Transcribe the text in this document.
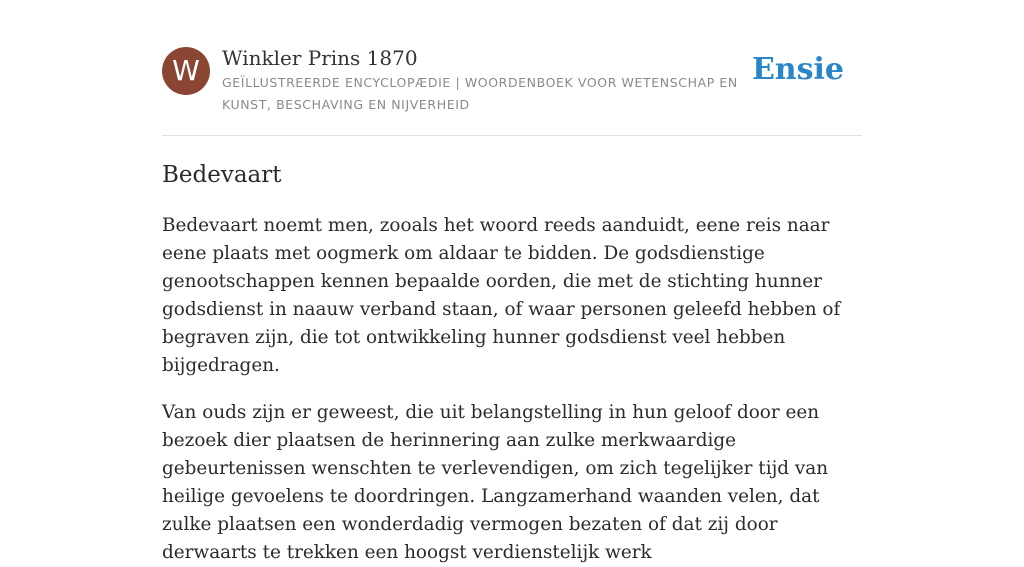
W	Winkler Prins 1870
GEÏLLUSTREERDE ENCYCLOPÆDIE | WOORDENBOEK VOOR WETENSCHAP EN KUNST, BESCHAVING EN NIJVERHEID
Ensie
Bedevaart

Bedevaart noemt men, zooals het woord reeds aanduidt, eene reis naar eene plaats met oogmerk om aldaar te bidden. De godsdienstige genootschappen kennen bepaalde oorden, die met de stichting hunner godsdienst in naauw verband staan, of waar personen geleefd hebben of begraven zijn, die tot ontwikkeling hunner godsdienst veel hebben bijgedragen.

Van ouds zijn er geweest, die uit belangstelling in hun geloof door een bezoek dier plaatsen de herinnering aan zulke merkwaardige gebeurtenissen wenschten te verlevendigen, om zich tegelijker tijd van heilige gevoelens te doordringen. Langzamerhand waanden velen, dat zulke plaatsen een wonderdadig vermogen bezaten of dat zij door derwaarts te trekken een hoogst verdienstelijk werk
